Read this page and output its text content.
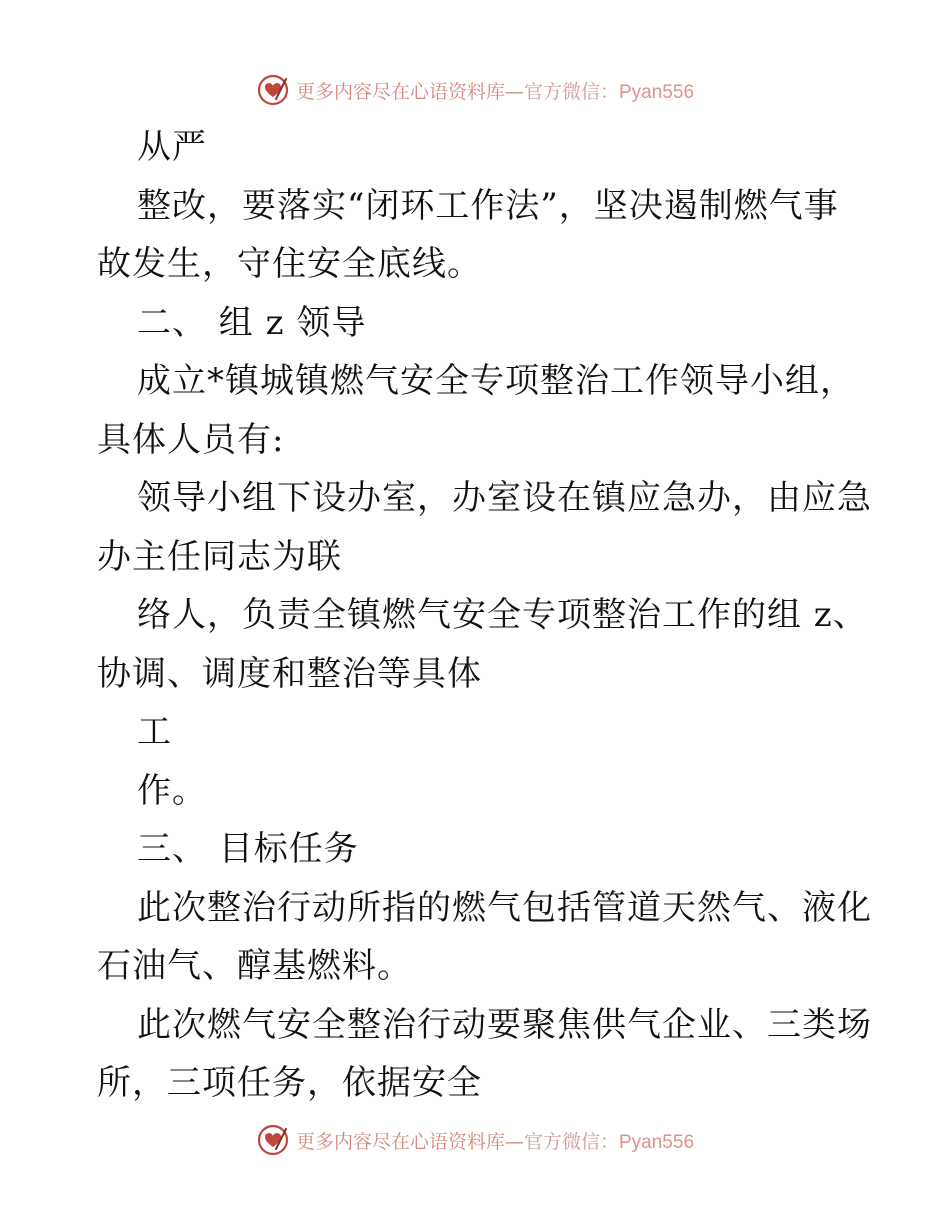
更多内容尽在心语资料库—官方微信：Pyan556
从严
整改，要落实“闭环工作法”，坚决遏制燃气事
故发生，守住安全底线。
二、 组 z 领导
成立*镇城镇燃气安全专项整治工作领导小组，
具体人员有:
领导小组下设办室，办室设在镇应急办，由应急
办主任同志为联
络人，负责全镇燃气安全专项整治工作的组 z、
协调、调度和整治等具体
工
作。
三、 目标任务
此次整治行动所指的燃气包括管道天然气、液化
石油气、醇基燃料。
此次燃气安全整治行动要聚焦供气企业、三类场
所，三项任务，依据安全
更多内容尽在心语资料库—官方微信：Pyan556
